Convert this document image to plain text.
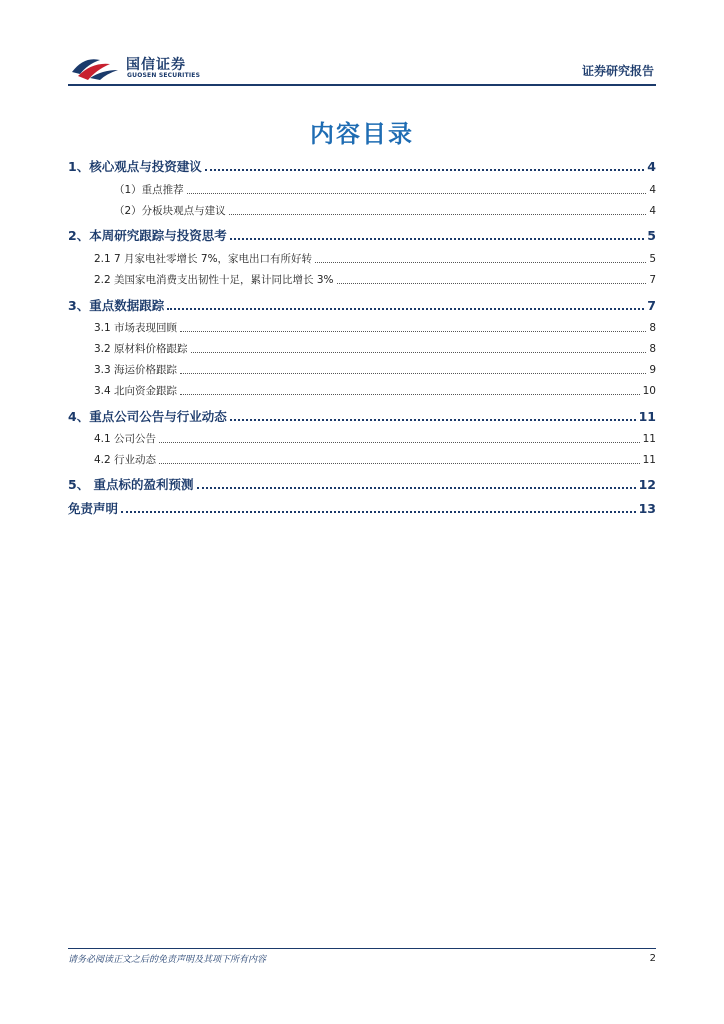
国信证券
GUOSEN SECURITIES	证券研究报告
内容目录
1、核心观点与投资建议	4
（1）重点推荐	4
（2）分板块观点与建议	4
2、本周研究跟踪与投资思考	5
2.1 7 月家电社零增长 7%，家电出口有所好转	5
2.2 美国家电消费支出韧性十足，累计同比增长 3%	7
3、重点数据跟踪	7
3.1 市场表现回顾	8
3.2 原材料价格跟踪	8
3.3 海运价格跟踪	9
3.4 北向资金跟踪	10
4、重点公司公告与行业动态	11
4.1 公司公告	11
4.2 行业动态	11
5、 重点标的盈利预测	12
免责声明	13
请务必阅读正文之后的免责声明及其项下所有内容	2
